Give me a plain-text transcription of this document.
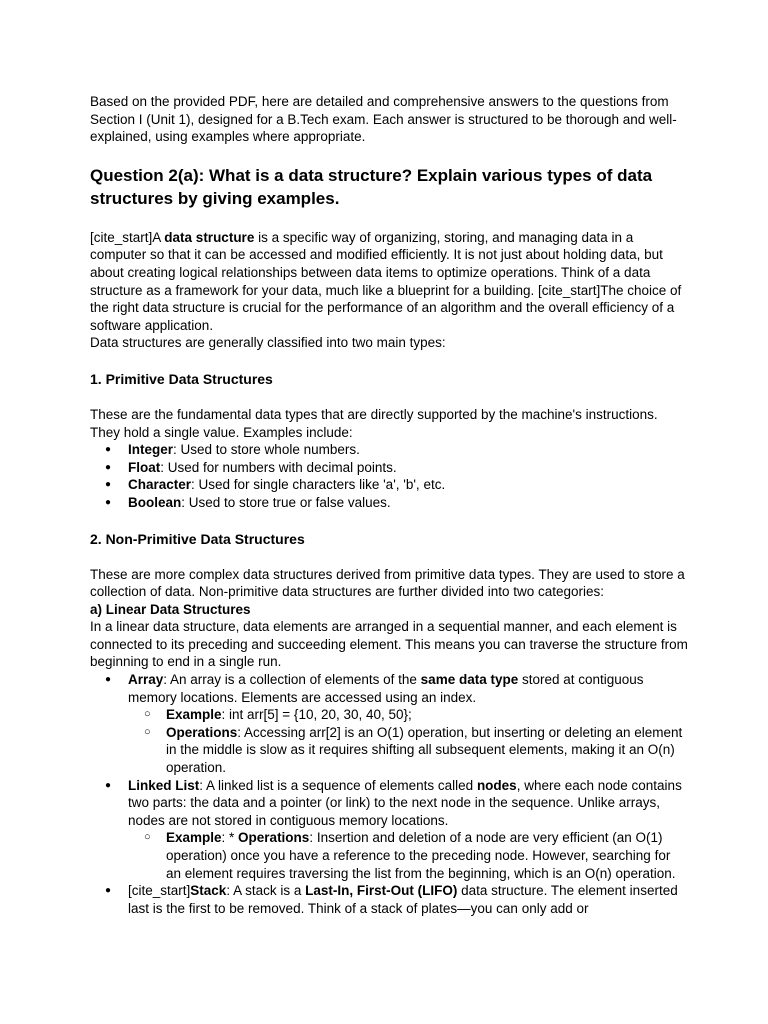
Based on the provided PDF, here are detailed and comprehensive answers to the questions from Section I (Unit 1), designed for a B.Tech exam. Each answer is structured to be thorough and well-explained, using examples where appropriate.

Question 2(a): What is a data structure? Explain various types of data structures by giving examples.

[cite_start]A data structure is a specific way of organizing, storing, and managing data in a computer so that it can be accessed and modified efficiently. It is not just about holding data, but about creating logical relationships between data items to optimize operations. Think of a data structure as a framework for your data, much like a blueprint for a building. [cite_start]The choice of the right data structure is crucial for the performance of an algorithm and the overall efficiency of a software application.

Data structures are generally classified into two main types:

1. Primitive Data Structures

These are the fundamental data types that are directly supported by the machine's instructions. They hold a single value. Examples include:

● Integer: Used to store whole numbers.
● Float: Used for numbers with decimal points.
● Character: Used for single characters like 'a', 'b', etc.
● Boolean: Used to store true or false values.
2. Non-Primitive Data Structures

These are more complex data structures derived from primitive data types. They are used to store a collection of data. Non-primitive data structures are further divided into two categories:

a) Linear Data Structures

In a linear data structure, data elements are arranged in a sequential manner, and each element is connected to its preceding and succeeding element. This means you can traverse the structure from beginning to end in a single run.

● Array: An array is a collection of elements of the same data type stored at contiguous memory locations. Elements are accessed using an index.
○ Example: int arr[5] = {10, 20, 30, 40, 50};
○ Operations: Accessing arr[2] is an O(1) operation, but inserting or deleting an element in the middle is slow as it requires shifting all subsequent elements, making it an O(n) operation.
● Linked List: A linked list is a sequence of elements called nodes, where each node contains two parts: the data and a pointer (or link) to the next node in the sequence. Unlike arrays, nodes are not stored in contiguous memory locations.
○ Example: * Operations: Insertion and deletion of a node are very efficient (an O(1) operation) once you have a reference to the preceding node. However, searching for an element requires traversing the list from the beginning, which is an O(n) operation.
● [cite_start]Stack: A stack is a Last-In, First-Out (LIFO) data structure. The element inserted last is the first to be removed. Think of a stack of plates—you can only add or
